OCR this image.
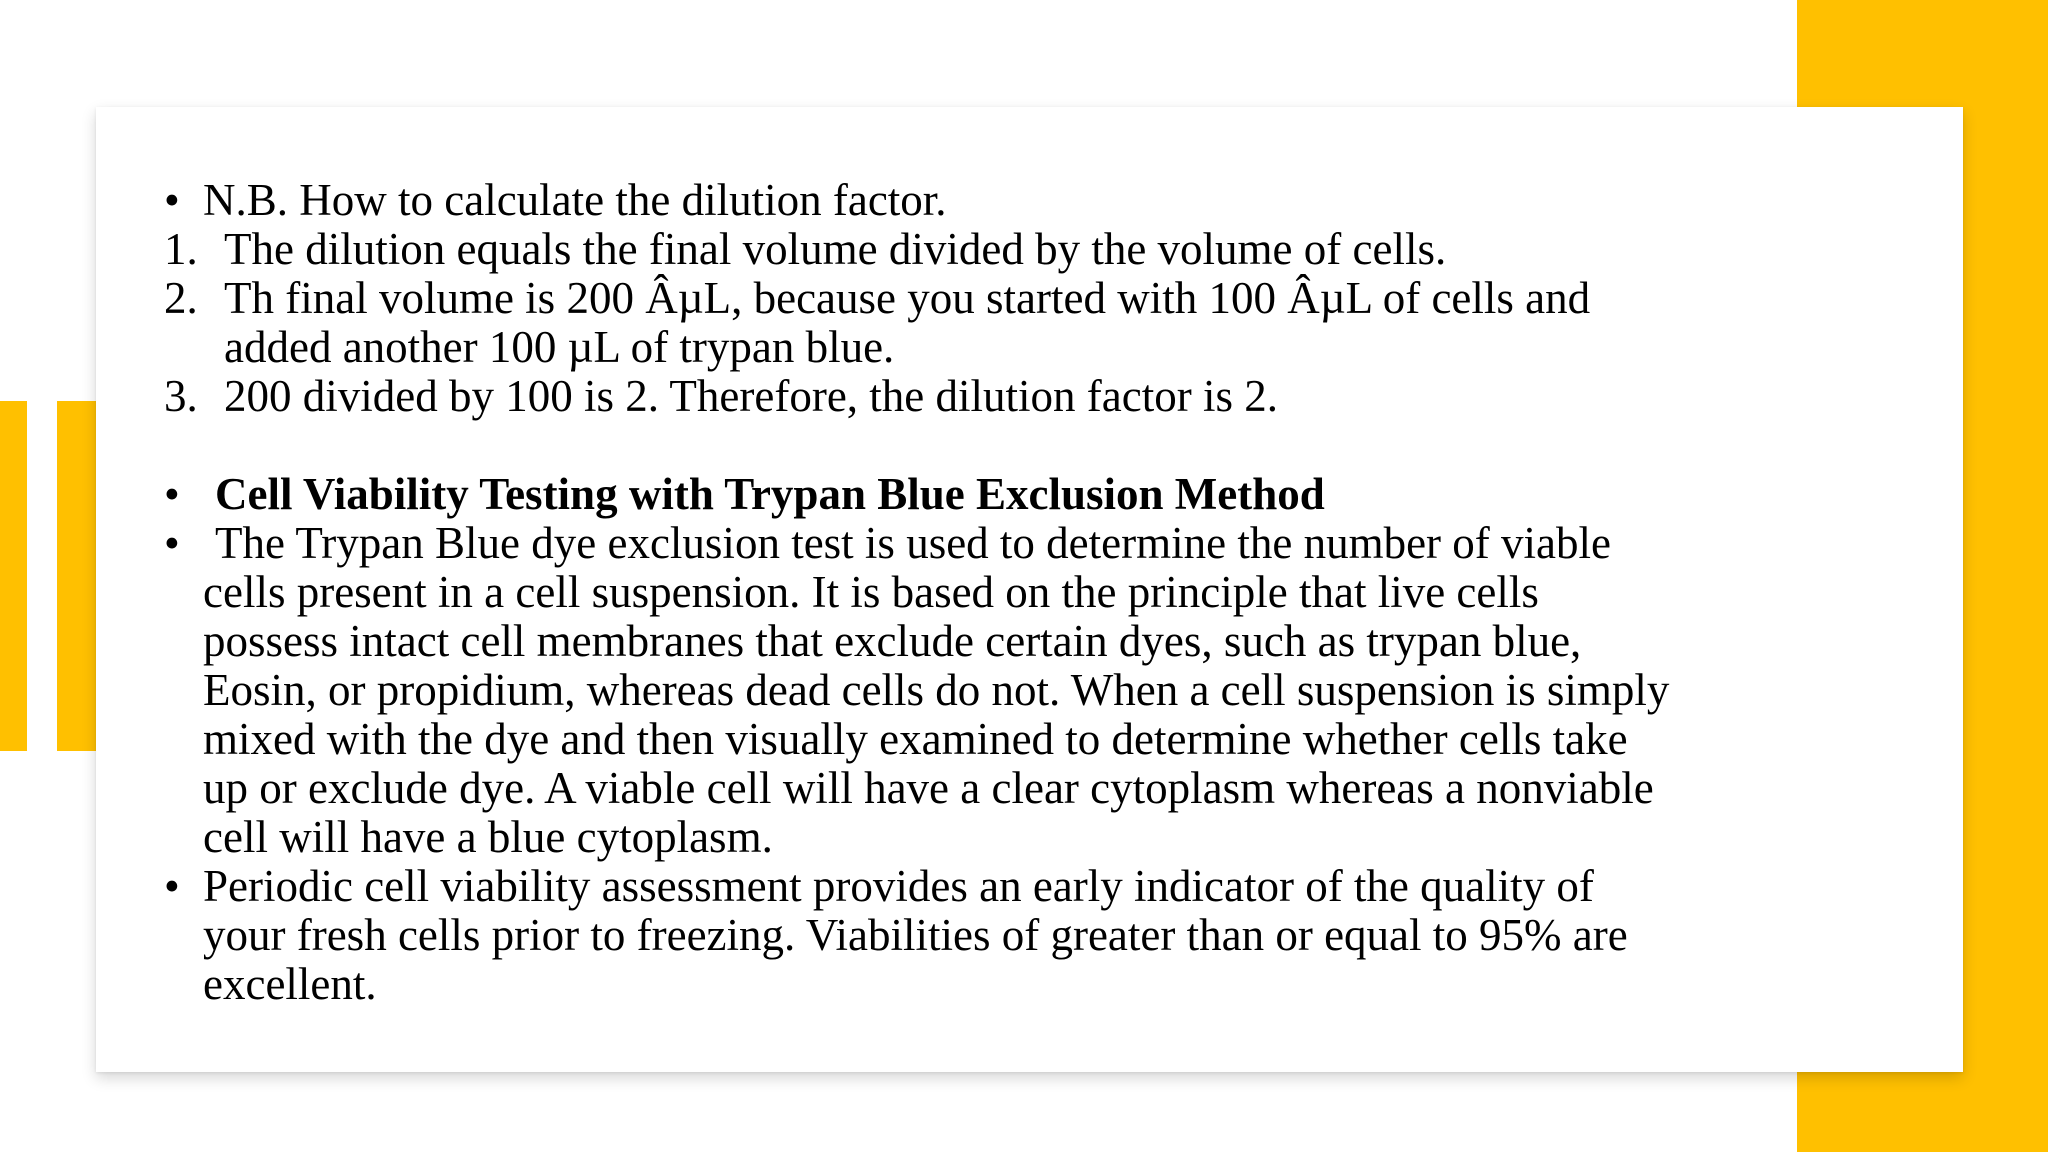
• N.B. How to calculate the dilution factor.
1. The dilution equals the final volume divided by the volume of cells.
2. Th final volume is 200 ÂµL, because you started with 100 ÂµL of cells and
added another 100 µL of trypan blue.
3. 200 divided by 100 is 2. Therefore, the dilution factor is 2.
• Cell Viability Testing with Trypan Blue Exclusion Method
• The Trypan Blue dye exclusion test is used to determine the number of viable
cells present in a cell suspension. It is based on the principle that live cells
possess intact cell membranes that exclude certain dyes, such as trypan blue,
Eosin, or propidium, whereas dead cells do not. When a cell suspension is simply
mixed with the dye and then visually examined to determine whether cells take
up or exclude dye. A viable cell will have a clear cytoplasm whereas a nonviable
cell will have a blue cytoplasm.
• Periodic cell viability assessment provides an early indicator of the quality of
your fresh cells prior to freezing. Viabilities of greater than or equal to 95% are
excellent.
